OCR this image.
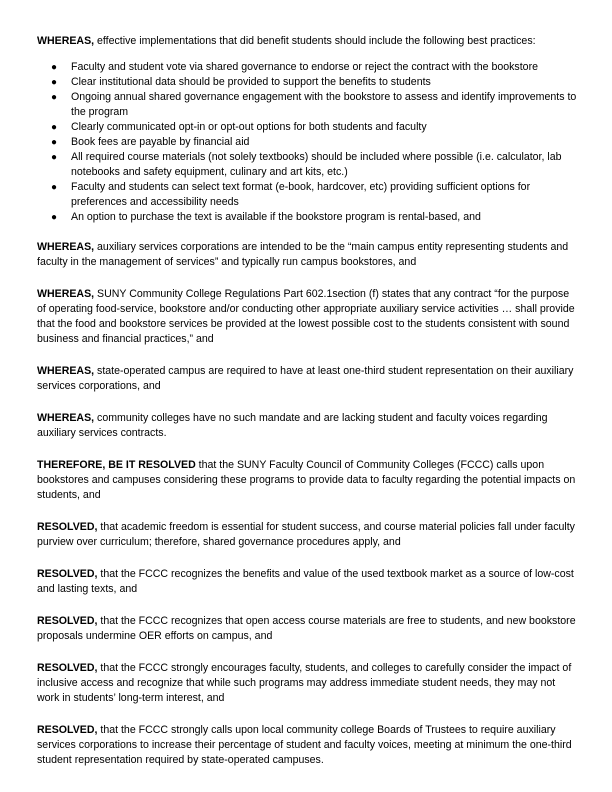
WHEREAS, effective implementations that did benefit students should include the following best practices:

● Faculty and student vote via shared governance to endorse or reject the contract with the bookstore
● Clear institutional data should be provided to support the benefits to students
● Ongoing annual shared governance engagement with the bookstore to assess and identify improvements to the program
● Clearly communicated opt-in or opt-out options for both students and faculty
● Book fees are payable by financial aid
● All required course materials (not solely textbooks) should be included where possible (i.e. calculator, lab notebooks and safety equipment, culinary and art kits, etc.)
● Faculty and students can select text format (e-book, hardcover, etc) providing sufficient options for preferences and accessibility needs
● An option to purchase the text is available if the bookstore program is rental-based, and

WHEREAS, auxiliary services corporations are intended to be the “main campus entity representing students and faculty in the management of services” and typically run campus bookstores, and

WHEREAS, SUNY Community College Regulations Part 602.1section (f) states that any contract “for the purpose of operating food-service, bookstore and/or conducting other appropriate auxiliary service activities … shall provide that the food and bookstore services be provided at the lowest possible cost to the students consistent with sound business and financial practices,” and

WHEREAS, state-operated campus are required to have at least one-third student representation on their auxiliary services corporations, and

WHEREAS, community colleges have no such mandate and are lacking student and faculty voices regarding auxiliary services contracts.

THEREFORE, BE IT RESOLVED that the SUNY Faculty Council of Community Colleges (FCCC) calls upon bookstores and campuses considering these programs to provide data to faculty regarding the potential impacts on students, and

RESOLVED, that academic freedom is essential for student success, and course material policies fall under faculty purview over curriculum; therefore, shared governance procedures apply, and

RESOLVED, that the FCCC recognizes the benefits and value of the used textbook market as a source of low-cost and lasting texts, and

RESOLVED, that the FCCC recognizes that open access course materials are free to students, and new bookstore proposals undermine OER efforts on campus, and

RESOLVED, that the FCCC strongly encourages faculty, students, and colleges to carefully consider the impact of inclusive access and recognize that while such programs may address immediate student needs, they may not work in students’ long-term interest, and

RESOLVED, that the FCCC strongly calls upon local community college Boards of Trustees to require auxiliary services corporations to increase their percentage of student and faculty voices, meeting at minimum the one-third student representation required by state-operated campuses.
